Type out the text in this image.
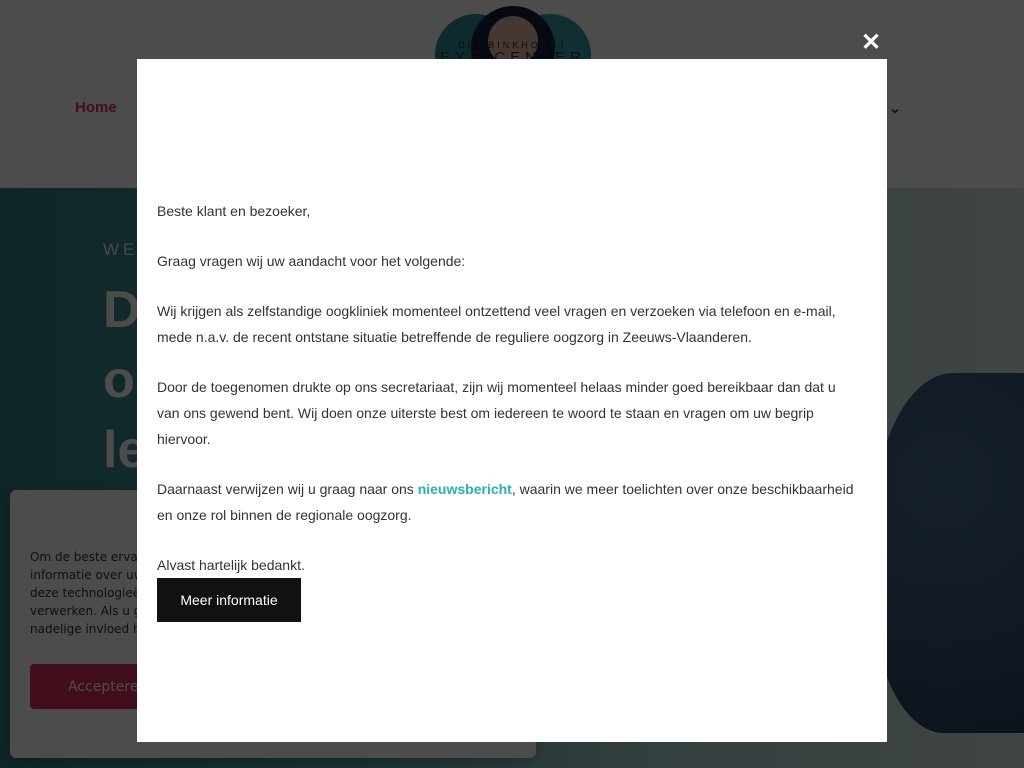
✕

Beste klant en bezoeker,

Graag vragen wij uw aandacht voor het volgende:

Wij krijgen als zelfstandige oogkliniek momenteel ontzettend veel vragen en verzoeken via telefoon en e-mail, mede n.a.v. de recent ontstane situatie betreffende de reguliere oogzorg in Zeeuws-Vlaanderen.

Door de toegenomen drukte op ons secretariaat, zijn wij momenteel helaas minder goed bereikbaar dan dat u van ons gewend bent. Wij doen onze uiterste best om iedereen te woord te staan en vragen om uw begrip hiervoor.

Daarnaast verwijzen wij u graag naar ons nieuwsbericht, waarin we meer toelichten over onze beschikbaarheid en onze rol binnen de regionale oogzorg.

Alvast hartelijk bedankt.

Meer informatie
